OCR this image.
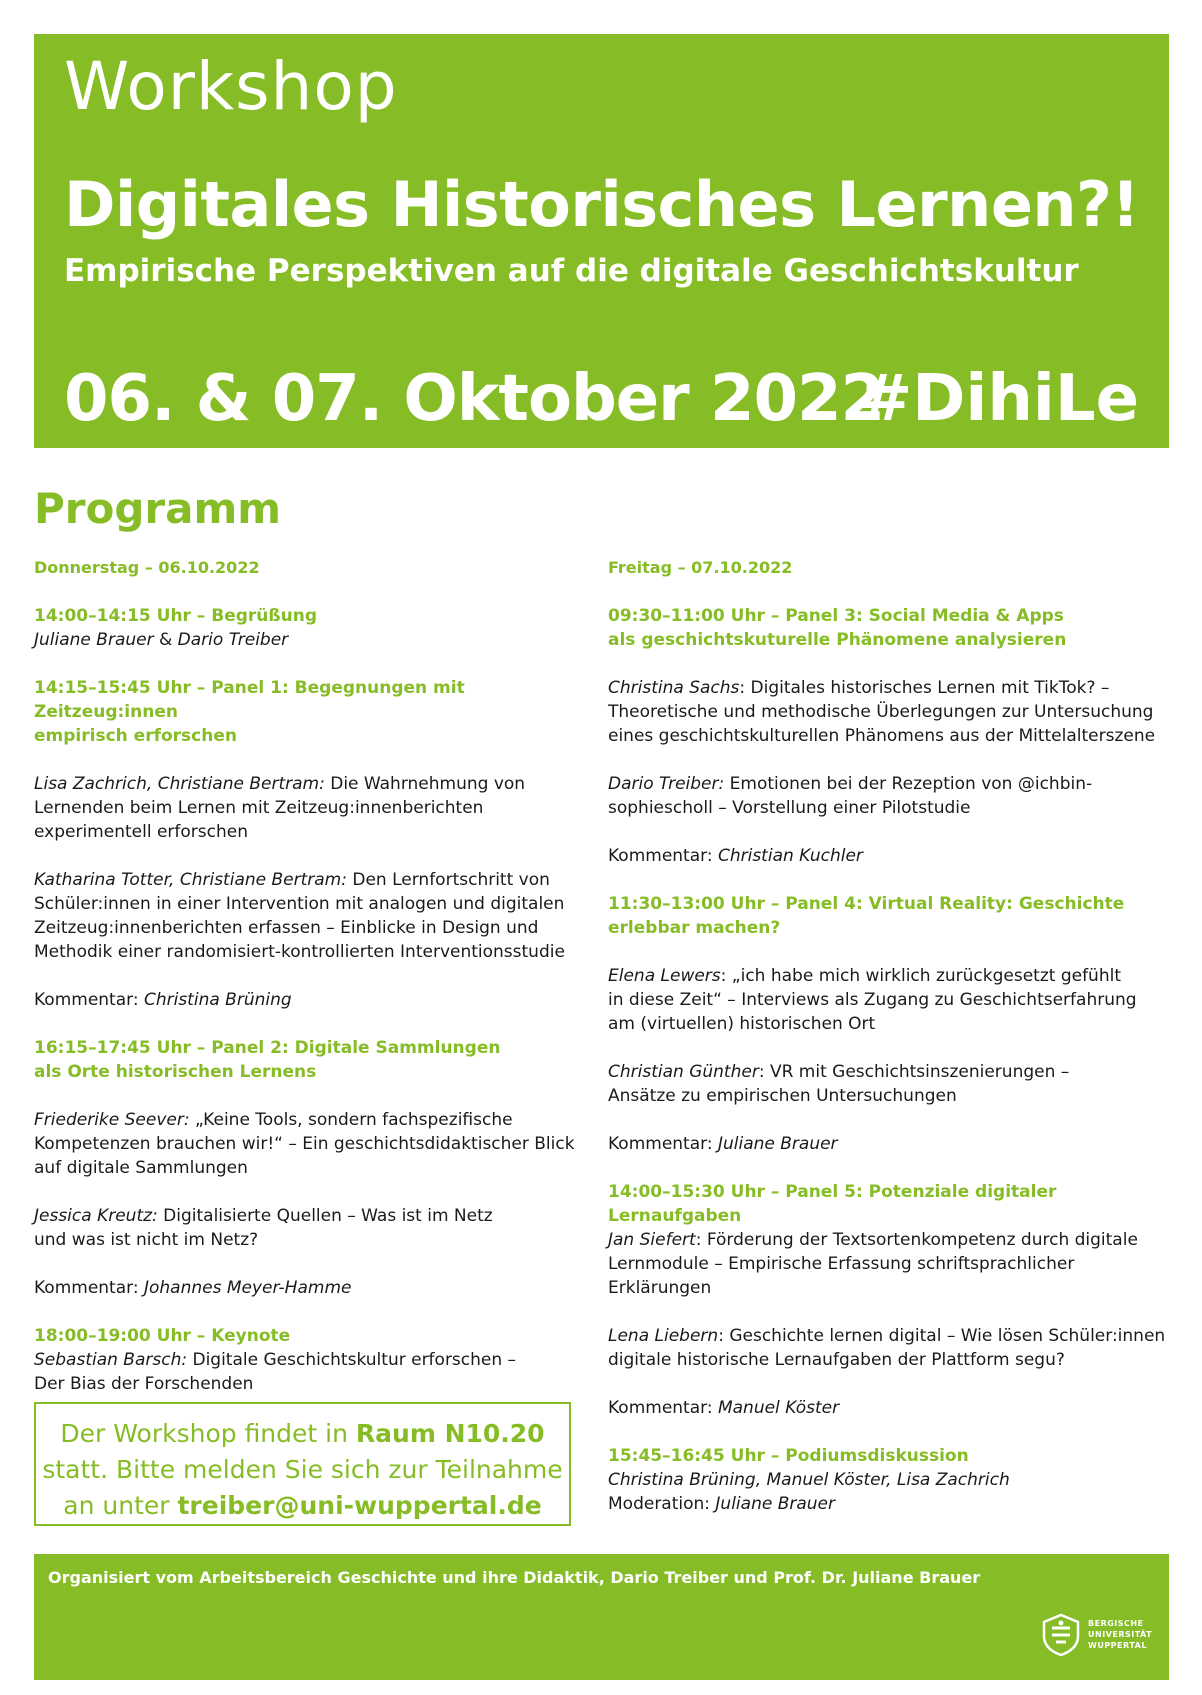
Workshop
Digitales Historisches Lernen?!
Empirische Perspektiven auf die digitale Geschichtskultur
06. & 07. Oktober 2022
#DihiLe
Programm

Donnerstag – 06.10.2022

14:00–14:15 Uhr – Begrüßung

Juliane Brauer & Dario Treiber

14:15–15:45 Uhr – Panel 1: Begegnungen mit Zeitzeug:innen
empirisch erforschen

Lisa Zachrich, Christiane Bertram: Die Wahrnehmung von
Lernenden beim Lernen mit Zeitzeug:innenberichten
experimentell erforschen

Katharina Totter, Christiane Bertram: Den Lernfortschritt von
Schüler:innen in einer Intervention mit analogen und digitalen
Zeitzeug:innenberichten erfassen – Einblicke in Design und
Methodik einer randomisiert-kontrollierten Interventionsstudie

Kommentar: Christina Brüning

16:15–17:45 Uhr – Panel 2: Digitale Sammlungen
als Orte historischen Lernens

Friederike Seever: „Keine Tools, sondern fachspezifische
Kompetenzen brauchen wir!“ – Ein geschichtsdidaktischer Blick
auf digitale Sammlungen

Jessica Kreutz: Digitalisierte Quellen – Was ist im Netz
und was ist nicht im Netz?

Kommentar: Johannes Meyer-Hamme

18:00–19:00 Uhr – Keynote

Sebastian Barsch: Digitale Geschichtskultur erforschen –
Der Bias der Forschenden

Freitag – 07.10.2022

09:30–11:00 Uhr – Panel 3: Social Media & Apps
als geschichtskuturelle Phänomene analysieren

Christina Sachs: Digitales historisches Lernen mit TikTok? –
Theoretische und methodische Überlegungen zur Untersuchung
eines geschichtskulturellen Phänomens aus der Mittelalterszene

Dario Treiber: Emotionen bei der Rezeption von @ichbin-
sophiescholl – Vorstellung einer Pilotstudie

Kommentar: Christian Kuchler

11:30–13:00 Uhr – Panel 4: Virtual Reality: Geschichte
erlebbar machen?

Elena Lewers: „ich habe mich wirklich zurückgesetzt gefühlt
in diese Zeit“ – Interviews als Zugang zu Geschichtserfahrung
am (virtuellen) historischen Ort

Christian Günther: VR mit Geschichtsinszenierungen –
Ansätze zu empirischen Untersuchungen

Kommentar: Juliane Brauer

14:00–15:30 Uhr – Panel 5: Potenziale digitaler Lernaufgaben

Jan Siefert: Förderung der Textsortenkompetenz durch digitale
Lernmodule – Empirische Erfassung schriftsprachlicher Erklärungen

Lena Liebern: Geschichte lernen digital – Wie lösen Schüler:innen
digitale historische Lernaufgaben der Plattform segu?

Kommentar: Manuel Köster

15:45–16:45 Uhr – Podiumsdiskussion

Christina Brüning, Manuel Köster, Lisa Zachrich

Moderation: Juliane Brauer

Der Workshop findet in Raum N10.20
statt. Bitte melden Sie sich zur Teilnahme
an unter treiber@uni-wuppertal.de
Organisiert vom Arbeitsbereich Geschichte und ihre Didaktik, Dario Treiber und Prof. Dr. Juliane Brauer
BERGISCHE
UNIVERSITÄT
WUPPERTAL
